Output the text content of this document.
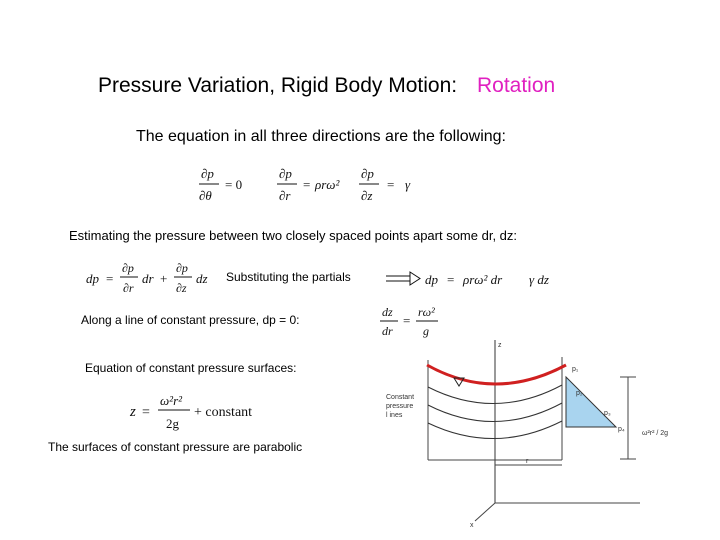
Pressure Variation, Rigid Body Motion: Rotation
The equation in all three directions are the following:
∂p
∂θ
= 0
∂p
∂r
= ρrω²
∂p
∂z
= γ
Estimating the pressure between two closely spaced points apart some dr, dz:
dp =
∂p
∂r
dr +
∂p
∂z
dz Substituting the partials	dp = ρrω² dr γ dz
Along a line of constant pressure, dp = 0:
dz
dr
=
rω²
g
Equation of constant pressure surfaces:
z =
ω²r²
2g
+ constant
The surfaces of constant pressure are parabolic
Constant
pressure
l ines
p₁
p₂
p₃
p₄
r
z
x
ω²r² / 2g
